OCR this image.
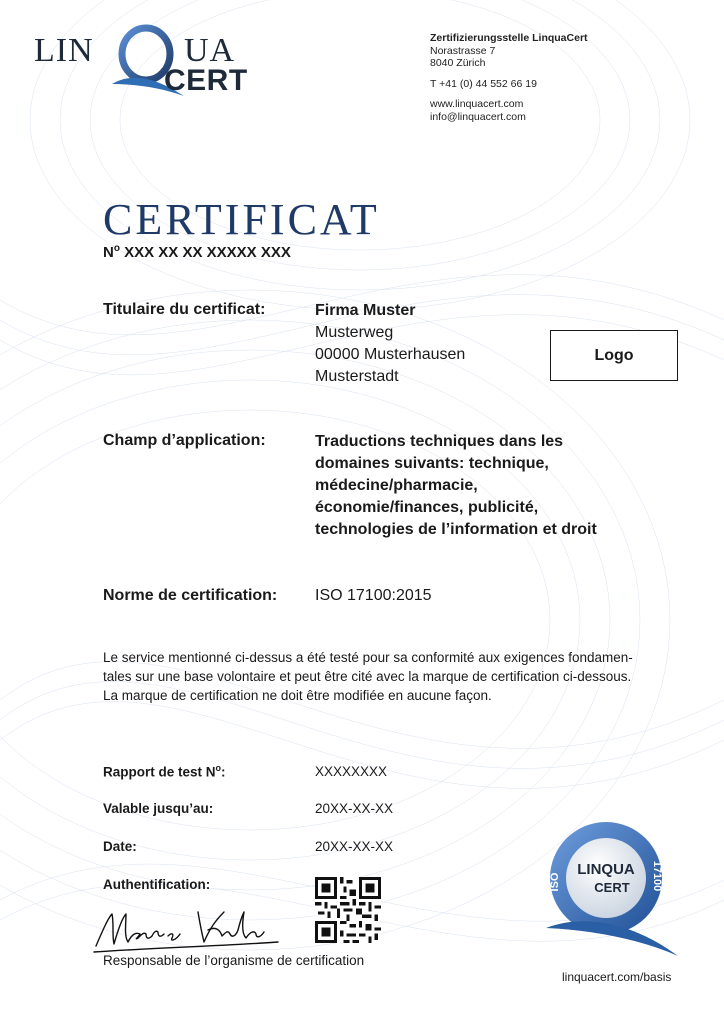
LIN	UA
CERT
Zertifizierungsstelle LinquaCert
Norastrasse 7
8040 Zürich
T +41 (0) 44 552 66 19
www.linquacert.com
info@linquacert.com
CERTIFICAT
$N^o$ XXX XX XX XXXXX XXX
Titulaire du certificat:	Firma Muster
Musterweg
00000 Musterhausen
Musterstadt
Logo
Champ d’application:	Traductions techniques dans les
domaines suivants: technique,
médecine/pharmacie,
économie/finances, publicité,
technologies de l’information et droit
Norme de certification: ISO 17100:2015
Le service mentionné ci-dessus a été testé pour sa conformité aux exigences fondamen-
tales sur une base volontaire et peut être cité avec la marque de certification ci-dessous.
La marque de certification ne doit être modifiée en aucune façon.
Rapport de test $N^o$:	XXXXXXXX
Valable jusqu’au:	20XX-XX-XX
Date:	20XX-XX-XX
Authentification:
Responsable de l’organisme de certification
LINQUA
CERT
ISO	17100
linquacert.com/basis
